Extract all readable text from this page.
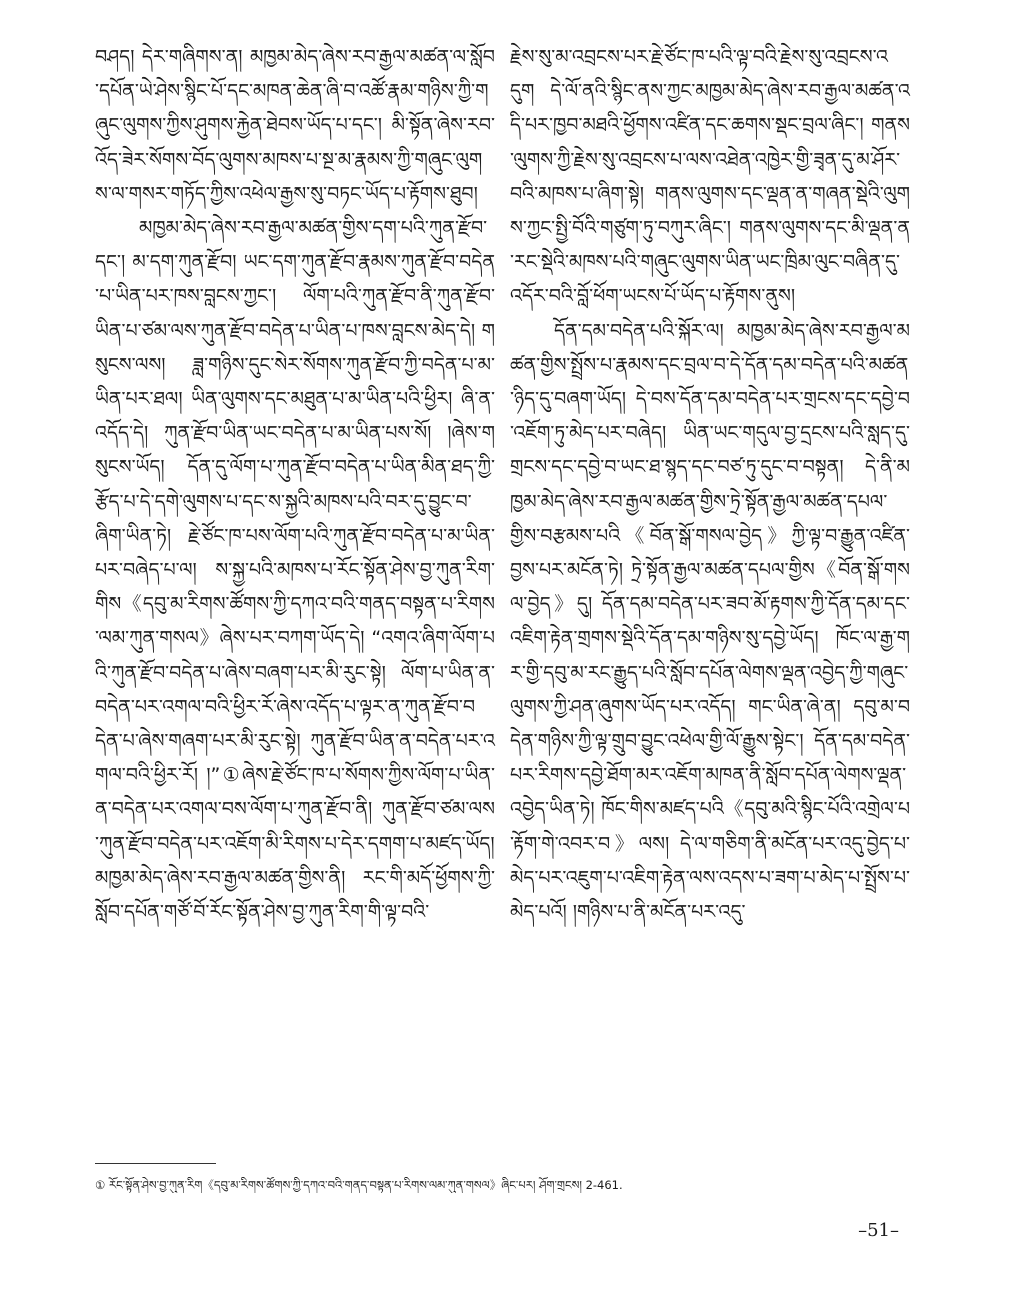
བཤད། དེར་གཞིགས་ན། མཁྱམ་མེད་ཞེས་རབ་རྒྱལ་མཚན་ལ་སློབ་དཔོན་ཡེ་ཤེས་སྙིང་པོ་དང་མཁན་ཆེན་ཞི་བ་འཚོ་རྣམ་གཉིས་ཀྱི་གཞུང་ལུགས་ཀྱིས་ཤུགས་རྐྱེན་ཐེབས་ཡོད་པ་དང་། མི་སྟོན་ཞེས་རབ་འོད་ཟེར་སོགས་བོད་ལུགས་མཁས་པ་སྔ་མ་རྣམས་ཀྱི་གཞུང་ལུགས་ལ་གསར་གཏོད་ཀྱིས་འཕེལ་རྒྱས་སུ་བཏང་ཡོད་པ་རྟོགས་ཐུབ།

མཁྱམ་མེད་ཞེས་རབ་རྒྱལ་མཚན་གྱིས་དག་པའི་ཀུན་རྫོབ་དང་། མ་དག་ཀུན་རྫོབ། ཡང་དག་ཀུན་རྫོབ་རྣམས་ཀུན་རྫོབ་བདེན་པ་ཡིན་པར་ཁས་བླངས་ཀྱང་། ལོག་པའི་ཀུན་རྫོབ་ནི་ཀུན་རྫོབ་ཡིན་པ་ཙམ་ལས་ཀུན་རྫོབ་བདེན་པ་ཡིན་པ་ཁས་བླངས་མེད་དེ། གསུངས་ལས། ཟླ་གཉིས་དུང་སེར་སོགས་ཀུན་རྫོབ་ཀྱི་བདེན་པ་མ་ཡིན་པར་ཐལ། ཡིན་ལུགས་དང་མཐུན་པ་མ་ཡིན་པའི་ཕྱིར། ཞི་ན་འདོད་དེ། ཀུན་རྫོབ་ཡིན་ཡང་བདེན་པ་མ་ཡིན་པས་སོ། །ཞེས་གསུངས་ཡོད། དོན་དུ་ལོག་པ་ཀུན་རྫོབ་བདེན་པ་ཡིན་མིན་ཐད་ཀྱི་རྩོད་པ་དེ་དགེ་ལུགས་པ་དང་ས་སྐྱའི་མཁས་པའི་བར་དུ་བྱུང་བ་ཞིག་ཡིན་ཏེ། རྗེ་ཙོང་ཁ་པས་ལོག་པའི་ཀུན་རྫོབ་བདེན་པ་མ་ཡིན་པར་བཞེད་པ་ལ། ས་སྐྱ་པའི་མཁས་པ་རོང་སྟོན་ཤེས་བྱ་ཀུན་རིག་གིས《དབུ་མ་རིགས་ཚོགས་ཀྱི་དཀའ་བའི་གནད་བསྟན་པ་རིགས་ལམ་ཀུན་གསལ》ཞེས་པར་བཀག་ཡོད་དེ། “འགའ་ཞིག་ལོག་པའི་ཀུན་རྫོབ་བདེན་པ་ཞེས་བཞག་པར་མི་རུང་སྟེ། ལོག་པ་ཡིན་ན་བདེན་པར་འགལ་བའི་ཕྱིར་རོ་ཞེས་འདོད་པ་ལྟར་ན་ཀུན་རྫོབ་བདེན་པ་ཞེས་གཞག་པར་མི་རུང་སྟེ། ཀུན་རྫོབ་ཡིན་ན་བདེན་པར་འགལ་བའི་ཕྱིར་རོ། །”①ཞེས་རྗེ་ཙོང་ཁ་པ་སོགས་ཀྱིས་ལོག་པ་ཡིན་ན་བདེན་པར་འགལ་བས་ལོག་པ་ཀུན་རྫོབ་ནི། ཀུན་རྫོབ་ཙམ་ལས་ཀུན་རྫོབ་བདེན་པར་འཇོག་མི་རིགས་པ་དེར་དགག་པ་མཛད་ཡོད། མཁྱམ་མེད་ཞེས་རབ་རྒྱལ་མཚན་གྱིས་ནི། རང་གི་མདོ་ཕྱོགས་ཀྱི་སློབ་དཔོན་གཙོ་བོ་རོང་སྟོན་ཤེས་བྱ་ཀུན་རིག་གི་ལྟ་བའི་

རྗེས་སུ་མ་འབྲངས་པར་རྗེ་ཙོང་ཁ་པའི་ལྟ་བའི་རྗེས་སུ་འབྲངས་འདུག དེ་ལོ་ནའི་སྙིང་ནས་ཀྱང་མཁྱམ་མེད་ཞེས་རབ་རྒྱལ་མཚན་འདི་པར་ཁྱབ་མཐའི་ཕྱོགས་འཛིན་དང་ཆགས་སྡང་བྲལ་ཞིང་། གནས་ལུགས་ཀྱི་རྗེས་སུ་འབྲངས་པ་ལས་འཐེན་འཁྱེར་གྱི་ཟྭན་དུ་མ་ཤོར་བའི་མཁས་པ་ཞིག་སྟེ། གནས་ལུགས་དང་ལྡན་ན་གཞན་སྡེའི་ལུགས་ཀྱང་སྤྱི་བོའི་གཙུག་ཏུ་བཀུར་ཞིང་། གནས་ལུགས་དང་མི་ལྡན་ན་རང་སྡེའི་མཁས་པའི་གཞུང་ལུགས་ཡིན་ཡང་ཁྲིམ་ལུང་བཞིན་དུ་འདོར་བའི་བློ་ཕོག་ཡངས་པོ་ཡོད་པ་རྟོགས་ནུས།

དོན་དམ་བདེན་པའི་སྐོར་ལ། མཁྱམ་མེད་ཞེས་རབ་རྒྱལ་མཚན་གྱིས་སྤྲོས་པ་རྣམས་དང་བྲལ་བ་དེ་དོན་དམ་བདེན་པའི་མཚན་ཉིད་དུ་བཞག་ཡོད། དེ་བས་དོན་དམ་བདེན་པར་གྲངས་དང་དབྱེ་བ་འཇོག་ཏུ་མེད་པར་བཞེད། ཡིན་ཡང་གདུལ་བྱ་དྲངས་པའི་སླད་དུ་གྲངས་དང་དབྱེ་བ་ཡང་ཐ་སྙད་དང་བཙ་ཏུ་དུང་བ་བསྟན། དེ་ནི་མཁྱམ་མེད་ཞེས་རབ་རྒྱལ་མཚན་གྱིས་ཏྲེ་སྟོན་རྒྱལ་མཚན་དཔལ་གྱིས་བརྩམས་པའི《བོན་སྒོ་གསལ་བྱེད》ཀྱི་ལྟ་བ་རྒྱུན་འཛིན་བྱས་པར་མངོན་ཏེ། ཏྲེ་སྟོན་རྒྱལ་མཚན་དཔལ་གྱིས《བོན་སྒོ་གསལ་བྱེད》དུ། དོན་དམ་བདེན་པར་ཟབ་མོ་རྟགས་ཀྱི་དོན་དམ་དང་འཇིག་རྟེན་གྲགས་སྡེའི་དོན་དམ་གཉིས་སུ་དབྱེ་ཡོད། ཁོང་ལ་རྒྱ་གར་གྱི་དབུ་མ་རང་རྒྱུད་པའི་སློབ་དཔོན་ལེགས་ལྡན་འབྱེད་ཀྱི་གཞུང་ལུགས་ཀྱི་ཤན་ཞུགས་ཡོད་པར་འདོད། གང་ཡིན་ཞེ་ན། དབུ་མ་བདེན་གཉིས་ཀྱི་ལྟ་གྲུབ་བྱུང་འཕེལ་གྱི་ལོ་རྒྱུས་སྟེང་། དོན་དམ་བདེན་པར་རིགས་དབྱེ་ཐོག་མར་འཇོག་མཁན་ནི་སློབ་དཔོན་ལེགས་ལྡན་འབྱེད་ཡིན་ཏེ། ཁོང་གིས་མཛད་པའི《དབུ་མའི་སྙིང་པོའི་འགྲེལ་པ་རྟོག་གེ་འབར་བ》ལས། དེ་ལ་གཅིག་ནི་མངོན་པར་འདུ་བྱེད་པ་མེད་པར་འཇུག་པ་འཇིག་རྟེན་ལས་འདས་པ་ཟག་པ་མེད་པ་སྤྲོས་པ་མེད་པའོ། །གཉིས་པ་ནི་མངོན་པར་འདུ་

① རོང་སྟོན་ཤེས་བྱ་ཀུན་རིག《དབུ་མ་རིགས་ཚོགས་ཀྱི་དཀའ་བའི་གནད་བསྟན་པ་རིགས་ལམ་ཀུན་གསལ》ཞིང་པར། ཤོག་གྲངས། 2-461.
–51–
